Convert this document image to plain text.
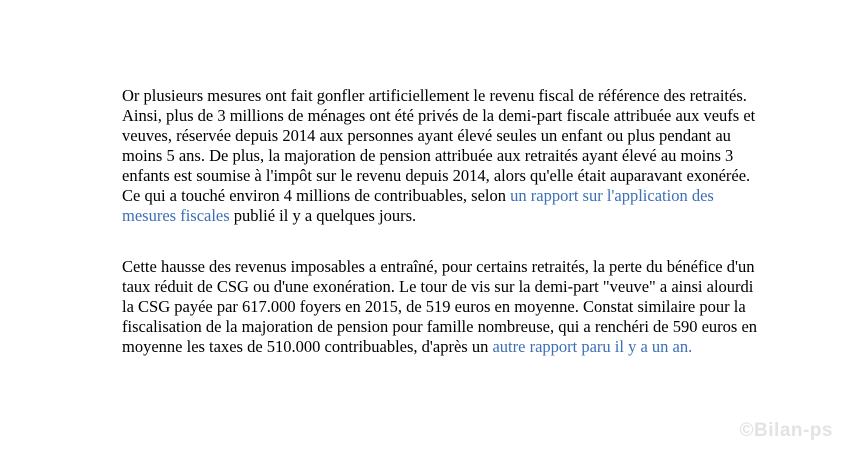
Or plusieurs mesures ont fait gonfler artificiellement le revenu fiscal de référence des retraités.
Ainsi, plus de 3 millions de ménages ont été privés de la demi-part fiscale attribuée aux veufs et
veuves, réservée depuis 2014 aux personnes ayant élevé seules un enfant ou plus pendant au
moins 5 ans. De plus, la majoration de pension attribuée aux retraités ayant élevé au moins 3
enfants est soumise à l'impôt sur le revenu depuis 2014, alors qu'elle était auparavant exonérée.
Ce qui a touché environ 4 millions de contribuables, selon un rapport sur l'application des
mesures fiscales publié il y a quelques jours.

Cette hausse des revenus imposables a entraîné, pour certains retraités, la perte du bénéfice d'un
taux réduit de CSG ou d'une exonération. Le tour de vis sur la demi-part "veuve" a ainsi alourdi
la CSG payée par 617.000 foyers en 2015, de 519 euros en moyenne. Constat similaire pour la
fiscalisation de la majoration de pension pour famille nombreuse, qui a renchéri de 590 euros en
moyenne les taxes de 510.000 contribuables, d'après un autre rapport paru il y a un an.

©Bilan-ps
